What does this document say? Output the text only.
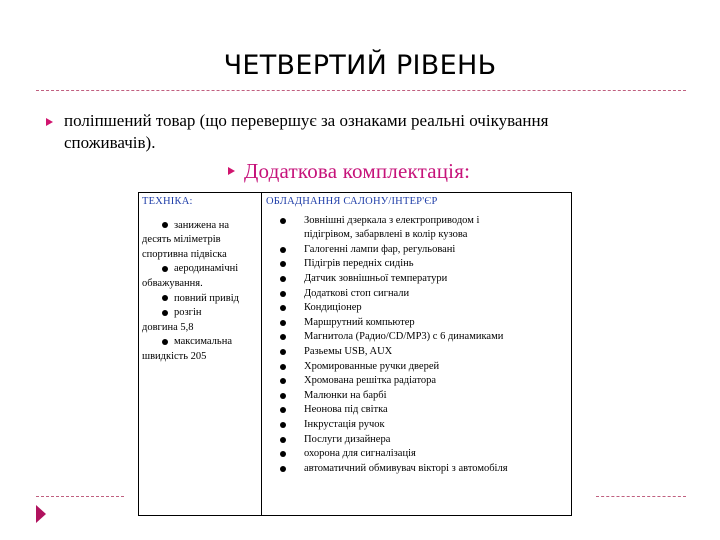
ЧЕТВЕРТИЙ РІВЕНЬ
поліпшений товар (що перевершує за ознаками реальні очікування споживачів).
Додаткова комплектація:
ТЕХНІКА:
занижена на
десять міліметрів
спортивна підвіска
аеродинамічні
обважування.
повний привід
розгін
довгина 5,8
максимальна
швидкість 205
ОБЛАДНАННЯ САЛОНУ/ІНТЕР'ЄР
Зовнішні дзеркала з електроприводом і
підігрівом, забарвлені в колір кузова
Галогенні лампи фар, регульовані
Підігрів передніх сидінь
Датчик зовнішньої температури
Додаткові стоп сигнали
Кондиціонер
Маршрутний компьютер
Магнитола (Радио/CD/MP3) с 6 динамиками
Разьемы USB, AUX
Хромированные ручки дверей
Хромована решітка радіатора
Малюнки на барбі
Неонова під світка
Інкрустація ручок
Послуги дизайнера
охорона для сигналізація
автоматичний обмивувач вікторі з автомобіля
